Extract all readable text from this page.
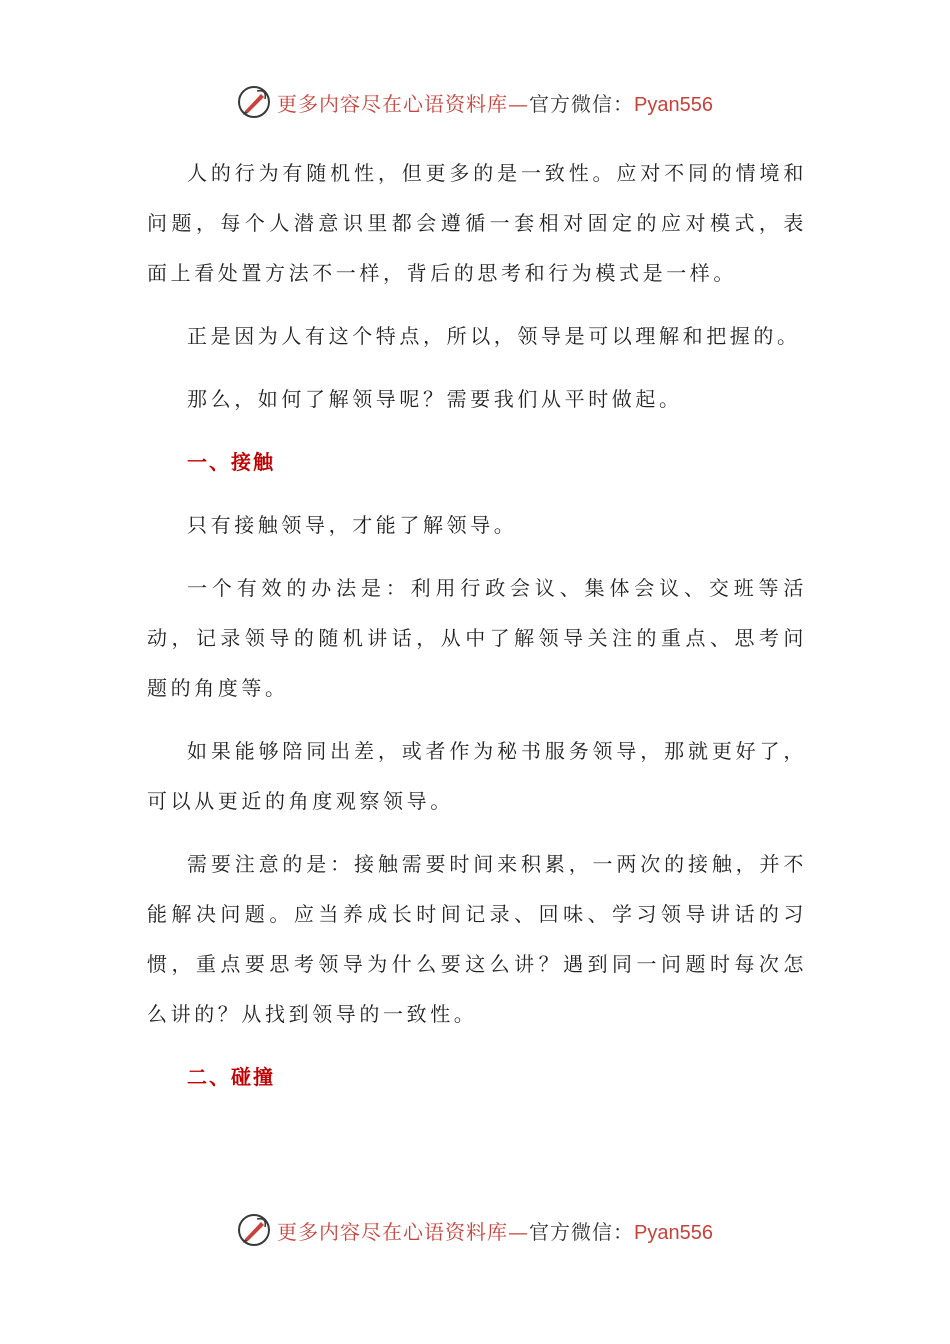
更多内容尽在心语资料库—官方微信：Pyan556

人的行为有随机性，但更多的是一致性。应对不同的情境和问题，每个人潜意识里都会遵循一套相对固定的应对模式，表面上看处置方法不一样，背后的思考和行为模式是一样。

正是因为人有这个特点，所以，领导是可以理解和把握的。

那么，如何了解领导呢？需要我们从平时做起。

一、接触

只有接触领导，才能了解领导。

一个有效的办法是：利用行政会议、集体会议、交班等活动，记录领导的随机讲话，从中了解领导关注的重点、思考问题的角度等。

如果能够陪同出差，或者作为秘书服务领导，那就更好了，可以从更近的角度观察领导。

需要注意的是：接触需要时间来积累，一两次的接触，并不能解决问题。应当养成长时间记录、回味、学习领导讲话的习惯，重点要思考领导为什么要这么讲？遇到同一问题时每次怎么讲的？从找到领导的一致性。

二、碰撞

更多内容尽在心语资料库—官方微信：Pyan556
